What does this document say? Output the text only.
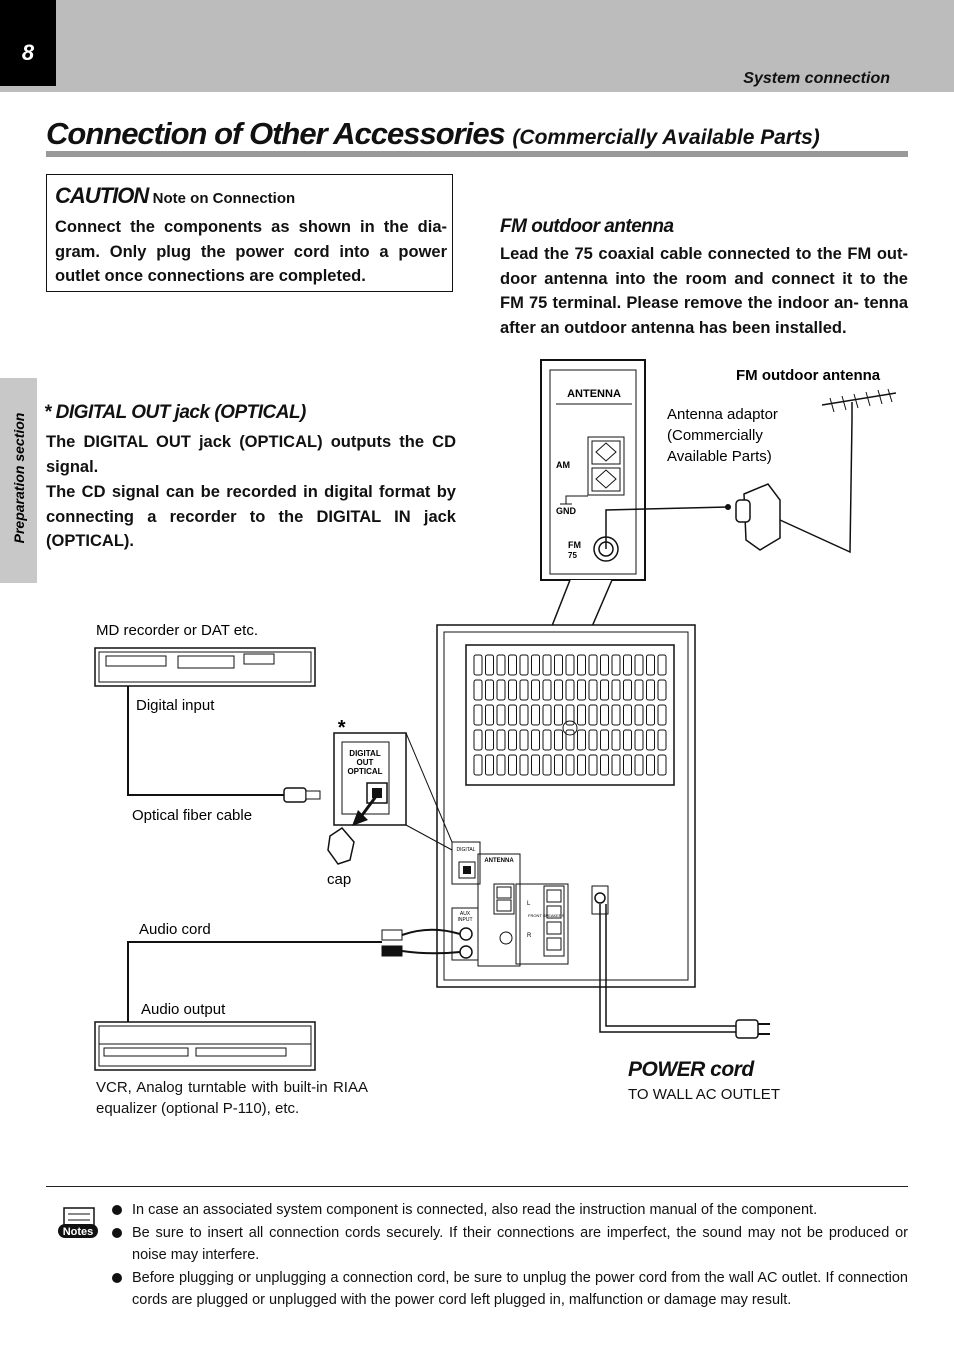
8
System connection
Connection of Other Accessories (Commercially Available Parts)
Preparation section
CAUTION Note on Connection
Connect the components as shown in the dia- gram. Only plug the power cord into a power outlet once connections are completed.
FM outdoor antenna
Lead the 75 coaxial cable connected to the FM out- door antenna into the room and connect it to the FM 75 terminal. Please remove the indoor an- tenna after an outdoor antenna has been installed.
* DIGITAL OUT jack (OPTICAL)
The DIGITAL OUT jack (OPTICAL) outputs the CD signal.
The CD signal can be recorded in digital format by connecting a recorder to the DIGITAL IN jack (OPTICAL).
ANTENNA
AM
GND
FM
75
FM outdoor antenna
Antenna adaptor
(Commercially
Available Parts)
DIGITAL
ANTENNA
AUX
INPUT
FRONT SPEAKERS
L
R
DIGITAL
OUT
OPTICAL
*
cap
MD recorder or DAT etc.
Digital input
Optical fiber cable
Audio cord
Audio output
POWER cord
TO WALL AC OUTLET
VCR, Analog turntable with built-in RIAA equalizer (optional P-110), etc.
Notes
In case an associated system component is connected, also read the instruction manual of the component.
Be sure to insert all connection cords securely. If their connections are imperfect, the sound may not be produced or noise may interfere.
Before plugging or unplugging a connection cord, be sure to unplug the power cord from the wall AC outlet. If connection cords are plugged or unplugged with the power cord left plugged in, malfunction or damage may result.
